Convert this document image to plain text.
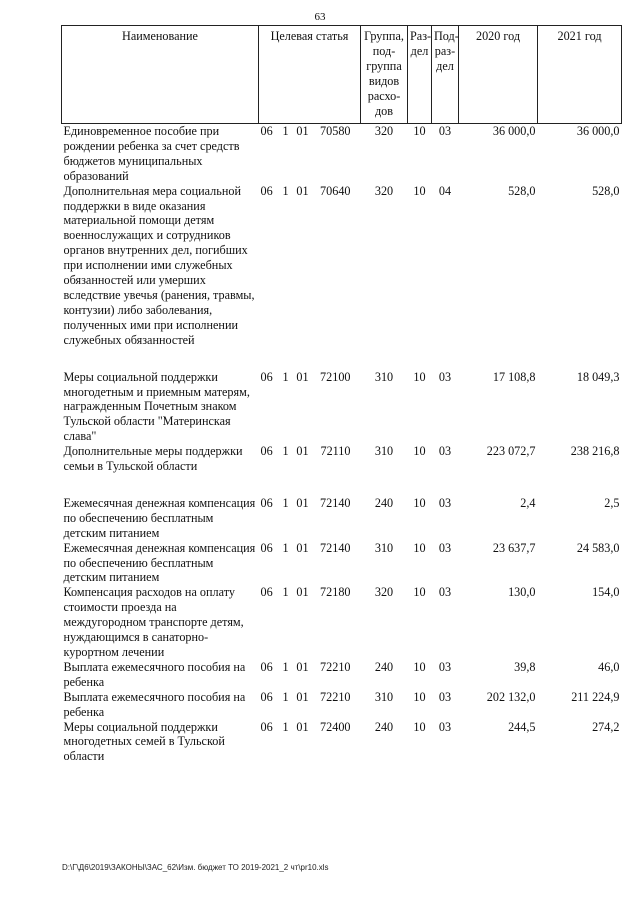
63
Наименование	Целевая статья	Группа, под-группа видов расхо-дов	Раз-дел	Под-раз-дел	2020 год	2021 год
Единовременное пособие при рождении ребенка за счет средств бюджетов муниципальных образований	06 1 01 70580	320	10	03	36 000,0	36 000,0
Дополнительная мера социальной поддержки в виде оказания материальной помощи детям военнослужащих и сотрудников органов внутренних дел, погибших при исполнении ими служебных обязанностей или умерших вследствие увечья (ранения, травмы, контузии) либо заболевания, полученных ими при исполнении служебных обязанностей	06 1 01 70640	320	10	04	528,0	528,0

Меры социальной поддержки многодетным и приемным матерям, награжденным Почетным знаком Тульской области "Материнская слава"	06 1 01 72100	310	10	03	17 108,8	18 049,3
Дополнительные меры поддержки семьи в Тульской области	06 1 01 72110	310	10	03	223 072,7	238 216,8

Ежемесячная денежная компенсация по обеспечению бесплатным детским питанием	06 1 01 72140	240	10	03	2,4	2,5
Ежемесячная денежная компенсация по обеспечению бесплатным детским питанием	06 1 01 72140	310	10	03	23 637,7	24 583,0
Компенсация расходов на оплату стоимости проезда на междугородном транспорте детям, нуждающимся в санаторно-курортном лечении	06 1 01 72180	320	10	03	130,0	154,0
Выплата ежемесячного пособия на ребенка	06 1 01 72210	240	10	03	39,8	46,0
Выплата ежемесячного пособия на ребенка	06 1 01 72210	310	10	03	202 132,0	211 224,9
Меры социальной поддержки многодетных семей в Тульской области	06 1 01 72400	240	10	03	244,5	274,2
D:\Г\Д6\2019\ЗАКОНЫ\ЗАС_62\Изм. бюджет ТО 2019-2021_2 чт\pr10.xls
